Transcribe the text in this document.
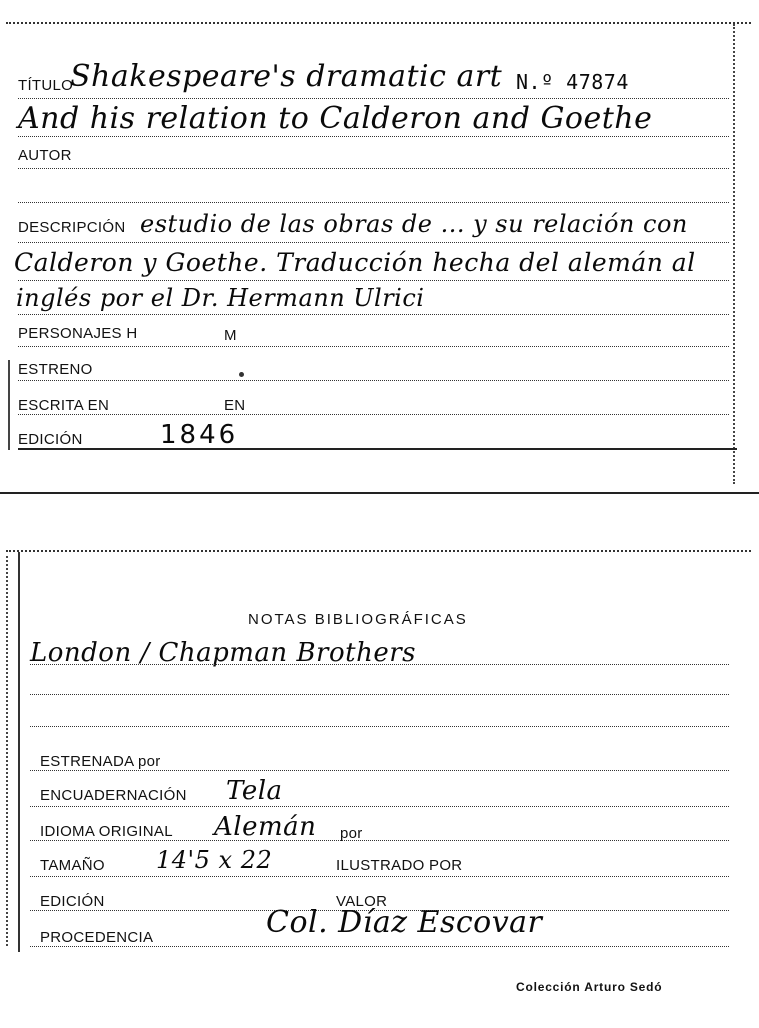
TÍTULO
Shakespeare's dramatic art N.º 47874
And his relation to Calderon and Goethe
AUTOR
DESCRIPCIÓN estudio de las obras de ... y su relación con
Calderon y Goethe. Traducción hecha del alemán al
inglés por el Dr. Hermann Ulrici
PERSONAJES H	M
ESTRENO
ESCRITA EN	EN
EDICIÓN	1846
NOTAS BIBLIOGRÁFICAS
London / Chapman Brothers
ESTRENADA por
ENCUADERNACIÓN Tela
IDIOMA ORIGINAL Alemán por
TAMAÑO 14'5 x 22	ILUSTRADO POR
EDICIÓN	VALOR
PROCEDENCIA	Col. Díaz Escovar
Colección Arturo Sedó
